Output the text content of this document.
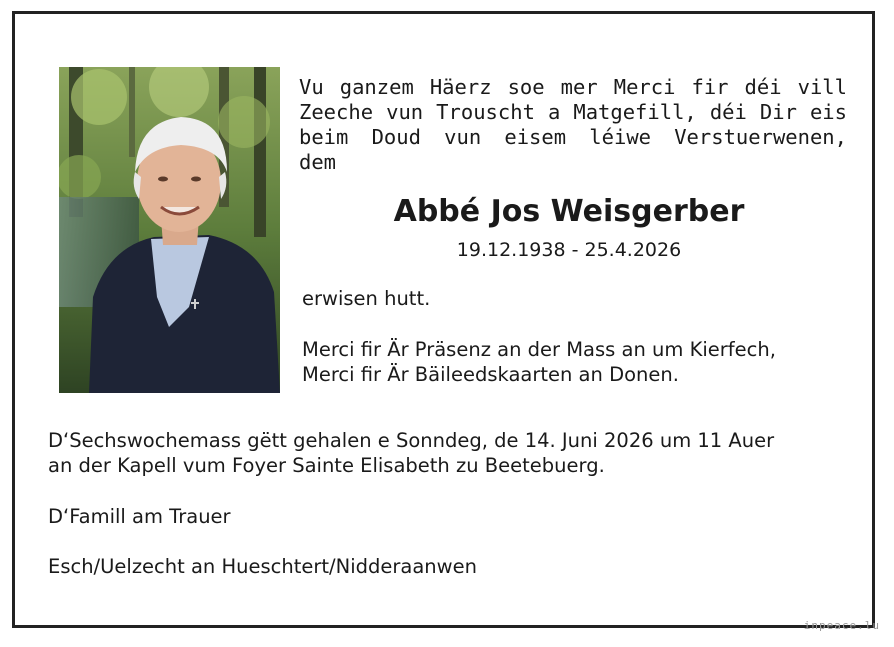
Vu ganzem Häerz soe mer Merci fir déi vill
Zeeche vun Trouscht a Matgefill, déi Dir eis
beim Doud vun eisem léiwe Verstuerwenen,
dem
Abbé Jos Weisgerber
19.12.1938 - 25.4.2026
erwisen hutt.
Merci fir Är Präsenz an der Mass an um Kierfech,
Merci fir Är Bäileedskaarten an Donen.
D‘Sechswochemass gëtt gehalen e Sonndeg, de 14. Juni 2026 um 11 Auer
an der Kapell vum Foyer Sainte Elisabeth zu Beetebuerg.
D‘Famill am Trauer
Esch/Uelzecht an Hueschtert/Nidderaanwen
inpeace.lu
